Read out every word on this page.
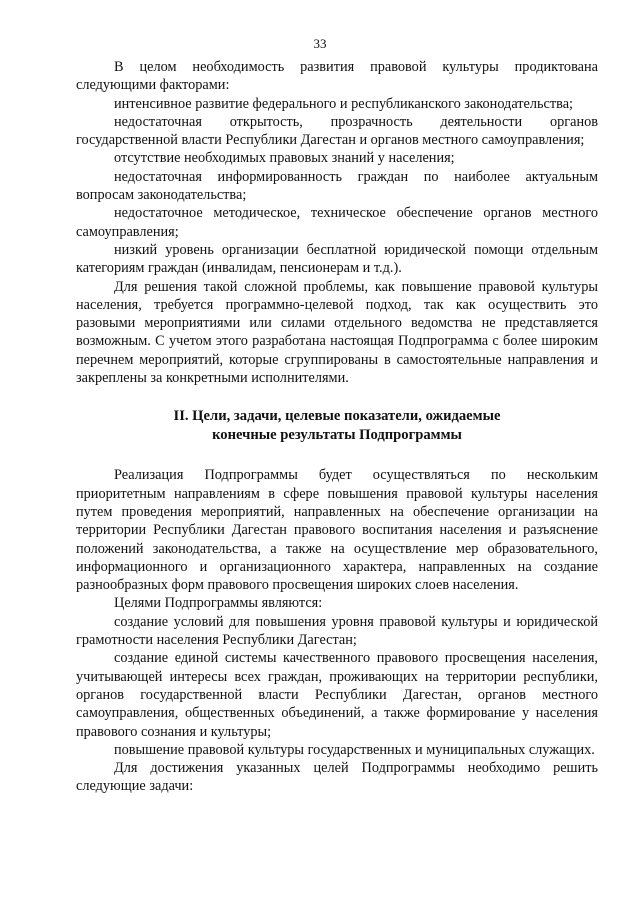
33

В целом необходимость развития правовой культуры продиктована следующими факторами:

интенсивное развитие федерального и республиканского законодательства;

недостаточная открытость, прозрачность деятельности органов государственной власти Республики Дагестан и органов местного самоуправления;

отсутствие необходимых правовых знаний у населения;

недостаточная информированность граждан по наиболее актуальным вопросам законодательства;

недостаточное методическое, техническое обеспечение органов местного самоуправления;

низкий уровень организации бесплатной юридической помощи отдельным категориям граждан (инвалидам, пенсионерам и т.д.).

Для решения такой сложной проблемы, как повышение правовой культуры населения, требуется программно-целевой подход, так как осуществить это разовыми мероприятиями или силами отдельного ведомства не представляется возможным. С учетом этого разработана настоящая Подпрограмма с более широким перечнем мероприятий, которые сгруппированы в самостоятельные направления и закреплены за конкретными исполнителями.

II. Цели, задачи, целевые показатели, ожидаемые

конечные результаты Подпрограммы

Реализация Подпрограммы будет осуществляться по нескольким приоритетным направлениям в сфере повышения правовой культуры населения путем проведения мероприятий, направленных на обеспечение организации на территории Республики Дагестан правового воспитания населения и разъяснение положений законодательства, а также на осуществление мер образовательного, информационного и организационного характера, направленных на создание разнообразных форм правового просвещения широких слоев населения.

Целями Подпрограммы являются:

создание условий для повышения уровня правовой культуры и юридической грамотности населения Республики Дагестан;

создание единой системы качественного правового просвещения населения, учитывающей интересы всех граждан, проживающих на территории республики, органов государственной власти Республики Дагестан, органов местного самоуправления, общественных объединений, а также формирование у населения правового сознания и культуры;

повышение правовой культуры государственных и муниципальных служащих.

Для достижения указанных целей Подпрограммы необходимо решить следующие задачи:
